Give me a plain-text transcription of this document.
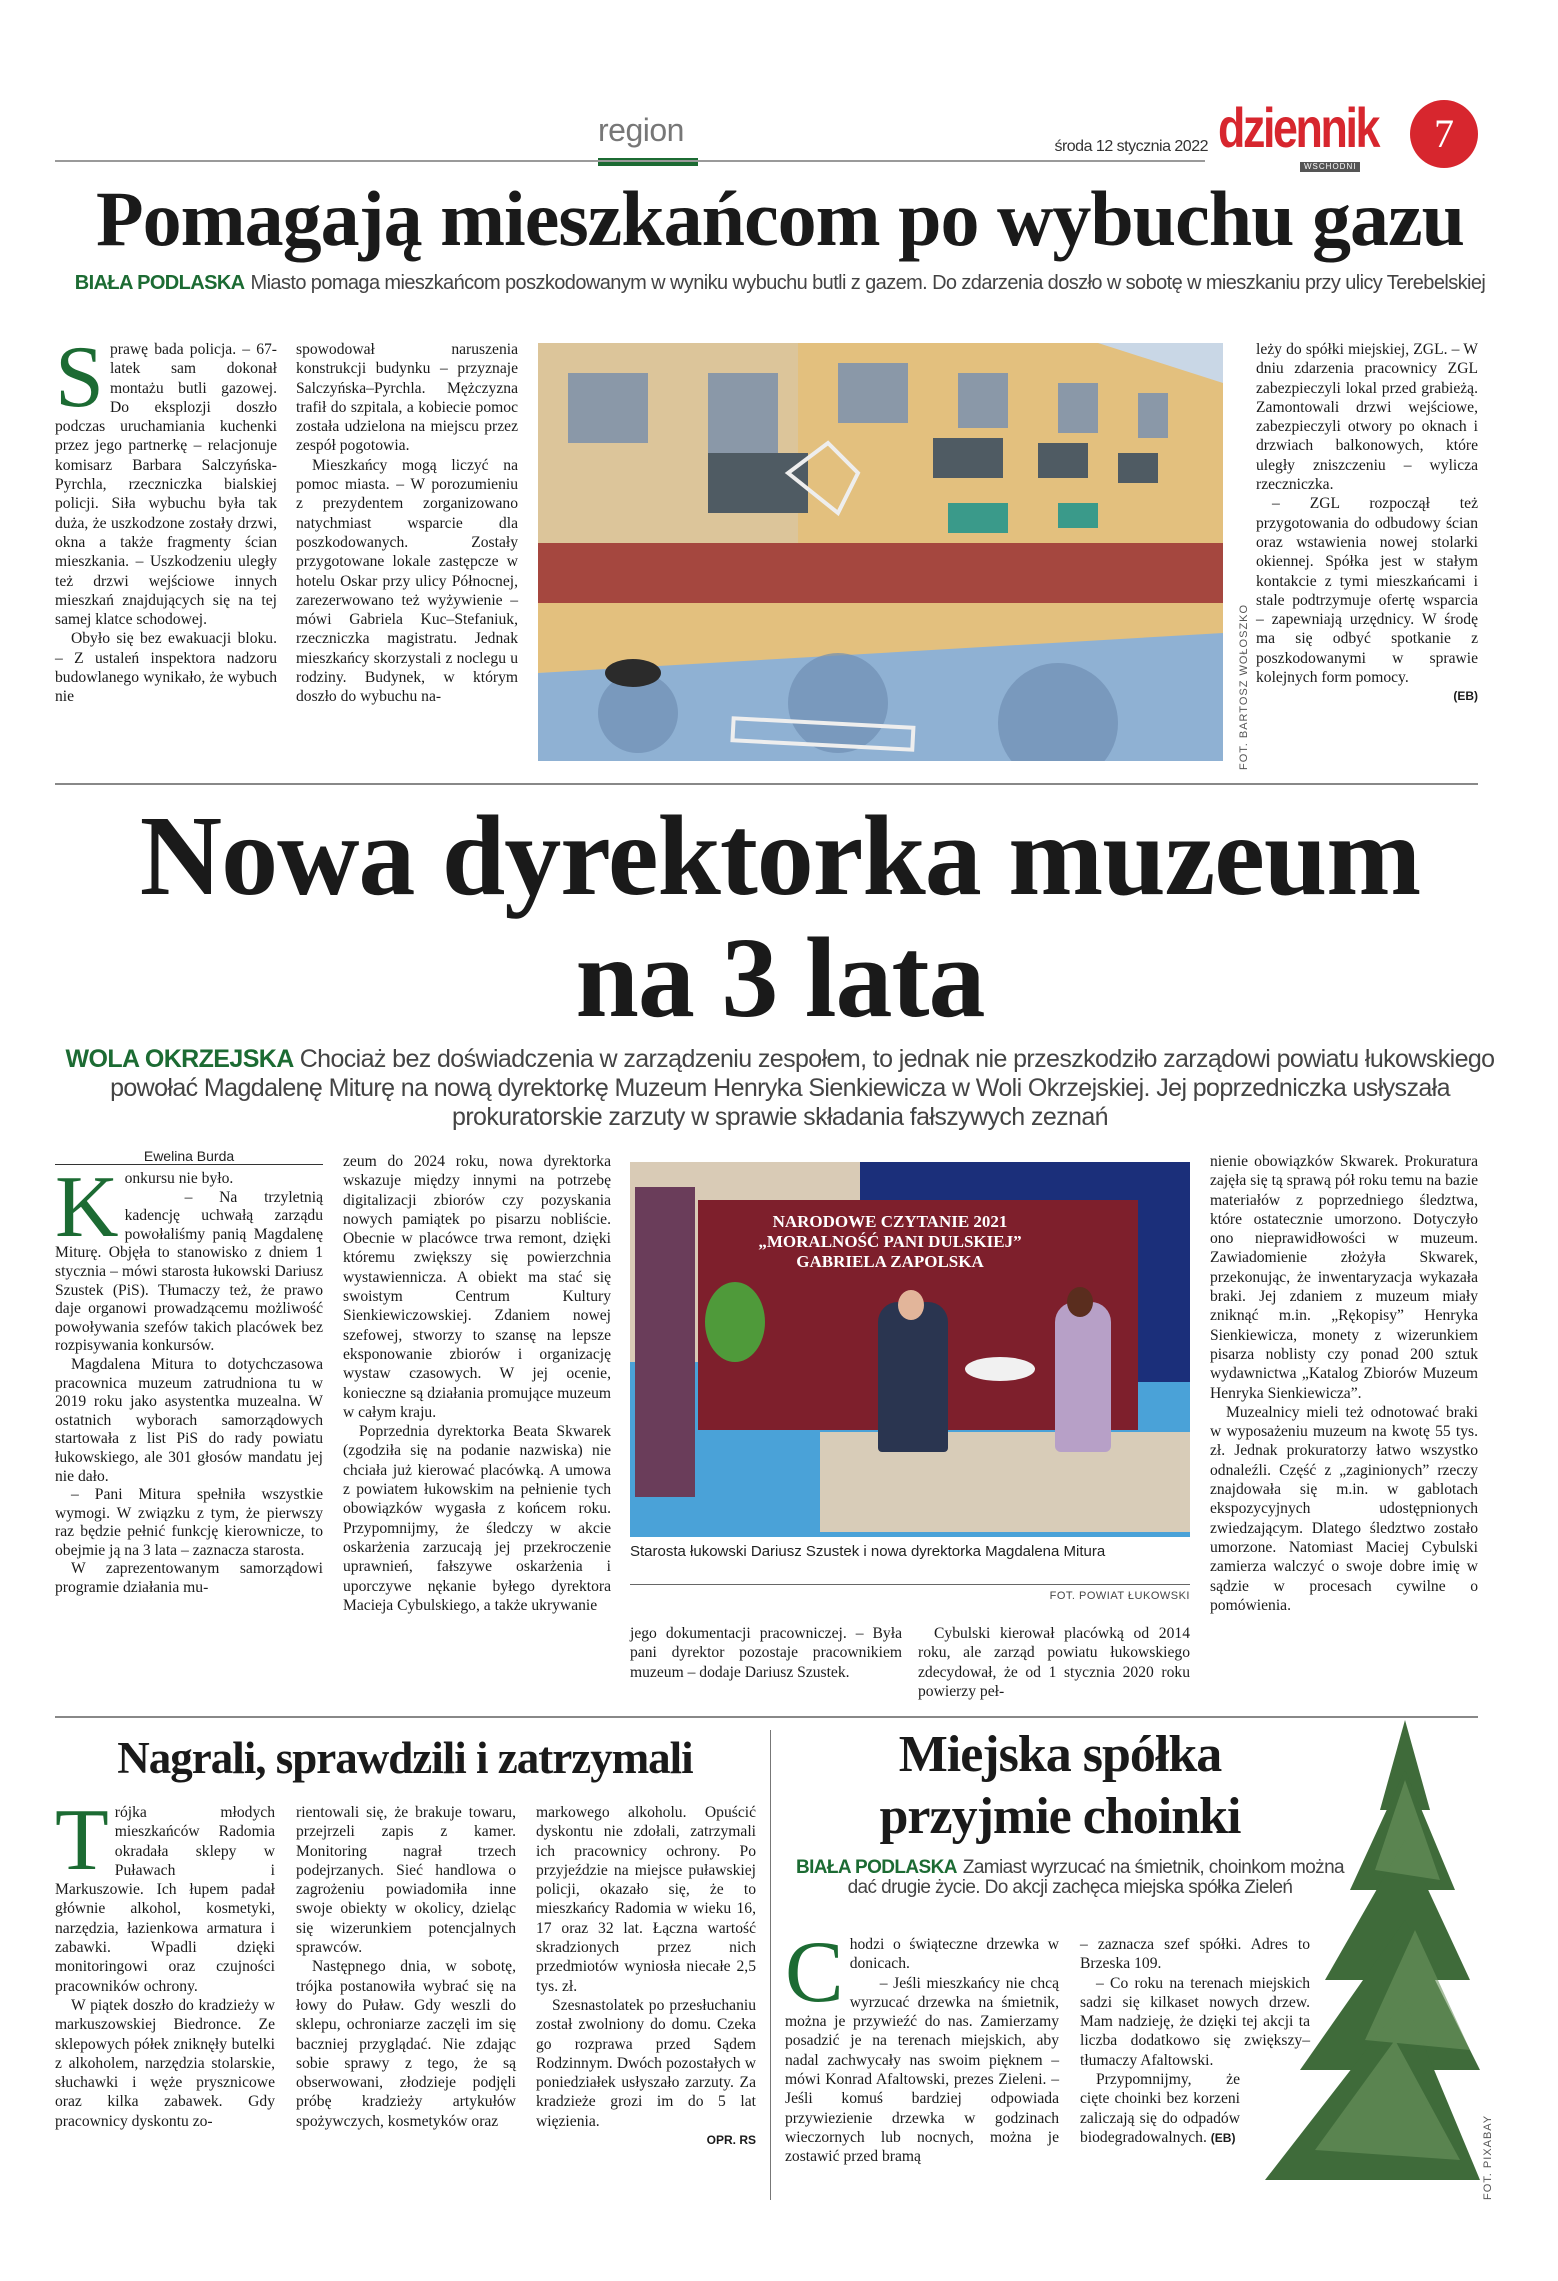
region	środa 12 stycznia 2022 dziennik
WSCHODNI
7
Pomagają mieszkańcom po wybuchu gazu
BIAŁA PODLASKA Miasto pomaga mieszkańcom poszkodowanym w wyniku wybuchu butli z gazem. Do zdarzenia doszło w sobotę w mieszkaniu przy ulicy Terebelskiej
S prawę bada policja. – 67-latek sam dokonał montażu butli gazowej. Do eksplozji doszło podczas uruchamiania kuchenki przez jego partnerkę – relacjonuje komisarz Barbara Salczyńska-Pyrchla, rzeczniczka bialskiej policji. Siła wybuchu była tak duża, że uszkodzone zostały drzwi, okna a także fragmenty ścian mieszkania. – Uszkodzeniu uległy też drzwi wejściowe innych mieszkań znajdujących się na tej samej klatce schodowej.

Obyło się bez ewakuacji bloku. – Z ustaleń inspektora nadzoru budowlanego wynikało, że wybuch nie

spowodował naruszenia konstrukcji budynku – przyznaje Salczyńska–Pyrchla. Mężczyzna trafił do szpitala, a kobiecie pomoc została udzielona na miejscu przez zespół pogotowia.

Mieszkańcy mogą liczyć na pomoc miasta. – W porozumieniu z prezydentem zorganizowano natychmiast wsparcie dla poszkodowanych. Zostały przygotowane lokale zastępcze w hotelu Oskar przy ulicy Północnej, zarezerwowano też wyżywienie – mówi Gabriela Kuc–Stefaniuk, rzeczniczka magistratu. Jednak mieszkańcy skorzystali z noclegu u rodziny. Budynek, w którym doszło do wybuchu na-	FOT. BARTOSZ WOŁOSZKO

leży do spółki miejskiej, ZGL. – W dniu zdarzenia pracownicy ZGL zabezpieczyli lokal przed grabieżą. Zamontowali drzwi wejściowe, zabezpieczyli otwory po oknach i drzwiach balkonowych, które uległy zniszczeniu – wylicza rzeczniczka.

– ZGL rozpoczął też przygotowania do odbudowy ścian oraz wstawienia nowej stolarki okiennej. Spółka jest w stałym kontakcie z tymi mieszkańcami i stale podtrzymuje ofertę wsparcia – zapewniają urzędnicy. W środę ma się odbyć spotkanie z poszkodowanymi w sprawie kolejnych form pomocy.

(EB)
Nowa dyrektorka muzeum
na 3 lata
WOLA OKRZEJSKA Chociaż bez doświadczenia w zarządzeniu zespołem, to jednak nie przeszkodziło zarządowi powiatu łukowskiego powołać Magdalenę Miturę na nową dyrektorkę Muzeum Henryka Sienkiewicza w Woli Okrzejskiej. Jej poprzedniczka usłyszała prokuratorskie zarzuty w sprawie składania fałszywych zeznań
Ewelina Burda
K onkursu nie było.

– Na trzyletnią kadencję uchwałą zarządu powołaliśmy panią Magdalenę Miturę. Objęła to stanowisko z dniem 1 stycznia – mówi starosta łukowski Dariusz Szustek (PiS). Tłumaczy też, że prawo daje organowi prowadzącemu możliwość powoływania szefów takich placówek bez rozpisywania konkursów.

Magdalena Mitura to dotychczasowa pracownica muzeum zatrudniona tu w 2019 roku jako asystentka muzealna. W ostatnich wyborach samorządowych startowała z list PiS do rady powiatu łukowskiego, ale 301 głosów mandatu jej nie dało.

– Pani Mitura spełniła wszystkie wymogi. W związku z tym, że pierwszy raz będzie pełnić funkcję kierownicze, to obejmie ją na 3 lata – zaznacza starosta.

W zaprezentowanym samorządowi programie działania mu-

zeum do 2024 roku, nowa dyrektorka wskazuje między innymi na potrzebę digitalizacji zbiorów czy pozyskania nowych pamiątek po pisarzu nobliście. Obecnie w placówce trwa remont, dzięki któremu zwiększy się powierzchnia wystawiennicza. A obiekt ma stać się swoistym Centrum Kultury Sienkiewiczowskiej. Zdaniem nowej szefowej, stworzy to szansę na lepsze eksponowanie zbiorów i organizację wystaw czasowych. W jej ocenie, konieczne są działania promujące muzeum w całym kraju.

Poprzednia dyrektorka Beata Skwarek (zgodziła się na podanie nazwiska) nie chciała już kierować placówką. A umowa z powiatem łukowskim na pełnienie tych obowiązków wygasła z końcem roku. Przypomnijmy, że śledczy w akcie oskarżenia zarzucają jej przekroczenie uprawnień, fałszywe oskarżenia i uporczywe nękanie byłego dyrektora Macieja Cybulskiego, a także ukrywanie

NARODOWE CZYTANIE 2021
„MORALNOŚĆ PANI DULSKIEJ”
GABRIELA ZAPOLSKA
Starosta łukowski Dariusz Szustek i nowa dyrektorka Magdalena Mitura
FOT. POWIAT ŁUKOWSKI

jego dokumentacji pracowniczej. – Była pani dyrektor pozostaje pracownikiem muzeum – dodaje Dariusz Szustek.

Cybulski kierował placówką od 2014 roku, ale zarząd powiatu łukowskiego zdecydował, że od 1 stycznia 2020 roku powierzy peł-

nienie obowiązków Skwarek. Prokuratura zajęła się tą sprawą pół roku temu na bazie materiałów z poprzedniego śledztwa, które ostatecznie umorzono. Dotyczyło ono nieprawidłowości w muzeum. Zawiadomienie złożyła Skwarek, przekonując, że inwentaryzacja wykazała braki. Jej zdaniem z muzeum miały zniknąć m.in. „Rękopisy” Henryka Sienkiewicza, monety z wizerunkiem pisarza noblisty czy ponad 200 sztuk wydawnictwa „Katalog Zbiorów Muzeum Henryka Sienkiewicza”.

Muzealnicy mieli też odnotować braki w wyposażeniu muzeum na kwotę 55 tys. zł. Jednak prokuratorzy łatwo wszystko odnaleźli. Część z „zaginionych” rzeczy znajdowała się m.in. w gablotach ekspozycyjnych udostępnionych zwiedzającym. Dlatego śledztwo zostało umorzone. Natomiast Maciej Cybulski zamierza walczyć o swoje dobre imię w sądzie w procesach cywilne o pomówienia.

Nagrali, sprawdzili i zatrzymali
T rójka młodych mieszkańców Radomia okradała sklepy w Puławach i Markuszowie. Ich łupem padał głównie alkohol, kosmetyki, narzędzia, łazienkowa armatura i zabawki. Wpadli dzięki monitoringowi oraz czujności pracowników ochrony.

W piątek doszło do kradzieży w markuszowskiej Biedronce. Ze sklepowych półek zniknęły butelki z alkoholem, narzędzia stolarskie, słuchawki i węże prysznicowe oraz kilka zabawek. Gdy pracownicy dyskontu zo-

rientowali się, że brakuje towaru, przejrzeli zapis z kamer. Monitoring nagrał trzech podejrzanych. Sieć handlowa o zagrożeniu powiadomiła inne swoje obiekty w okolicy, dzieląc się wizerunkiem potencjalnych sprawców.

Następnego dnia, w sobotę, trójka postanowiła wybrać się na łowy do Puław. Gdy weszli do sklepu, ochroniarze zaczęli im się baczniej przyglądać. Nie zdając sobie sprawy z tego, że są obserwowani, złodzieje podjęli próbę kradzieży artykułów spożywczych, kosmetyków oraz

markowego alkoholu. Opuścić dyskontu nie zdołali, zatrzymali ich pracownicy ochrony. Po przyjeździe na miejsce puławskiej policji, okazało się, że to mieszkańcy Radomia w wieku 16, 17 oraz 32 lat. Łączna wartość skradzionych przez nich przedmiotów wyniosła niecałe 2,5 tys. zł.

Szesnastolatek po przesłuchaniu został zwolniony do domu. Czeka go rozprawa przed Sądem Rodzinnym. Dwóch pozostałych w poniedziałek usłyszało zarzuty. Za kradzieże grozi im do 5 lat więzienia.

OPR. RS	FOT. PIXABAY
Miejska spółka
przyjmie choinki
BIAŁA PODLASKA Zamiast wyrzucać na śmietnik, choinkom można dać drugie życie. Do akcji zachęca miejska spółka Zieleń
C hodzi o świąteczne drzewka w donicach.

– Jeśli mieszkańcy nie chcą wyrzucać drzewka na śmietnik, można je przywieźć do nas. Zamierzamy posadzić je na terenach miejskich, aby nadal zachwycały nas swoim pięknem – mówi Konrad Afaltowski, prezes Zieleni. – Jeśli komuś bardziej odpowiada przywiezienie drzewka w godzinach wieczornych lub nocnych, można je zostawić przed bramą

– zaznacza szef spółki. Adres to Brzeska 109.

– Co roku na terenach miejskich sadzi się kilkaset nowych drzew. Mam nadzieję, że dzięki tej akcji ta liczba dodatkowo się zwiększy– tłumaczy Afaltowski.

Przypomnijmy, że cięte choinki bez korzeni zaliczają się do odpadów biodegradowalnych. (EB)
